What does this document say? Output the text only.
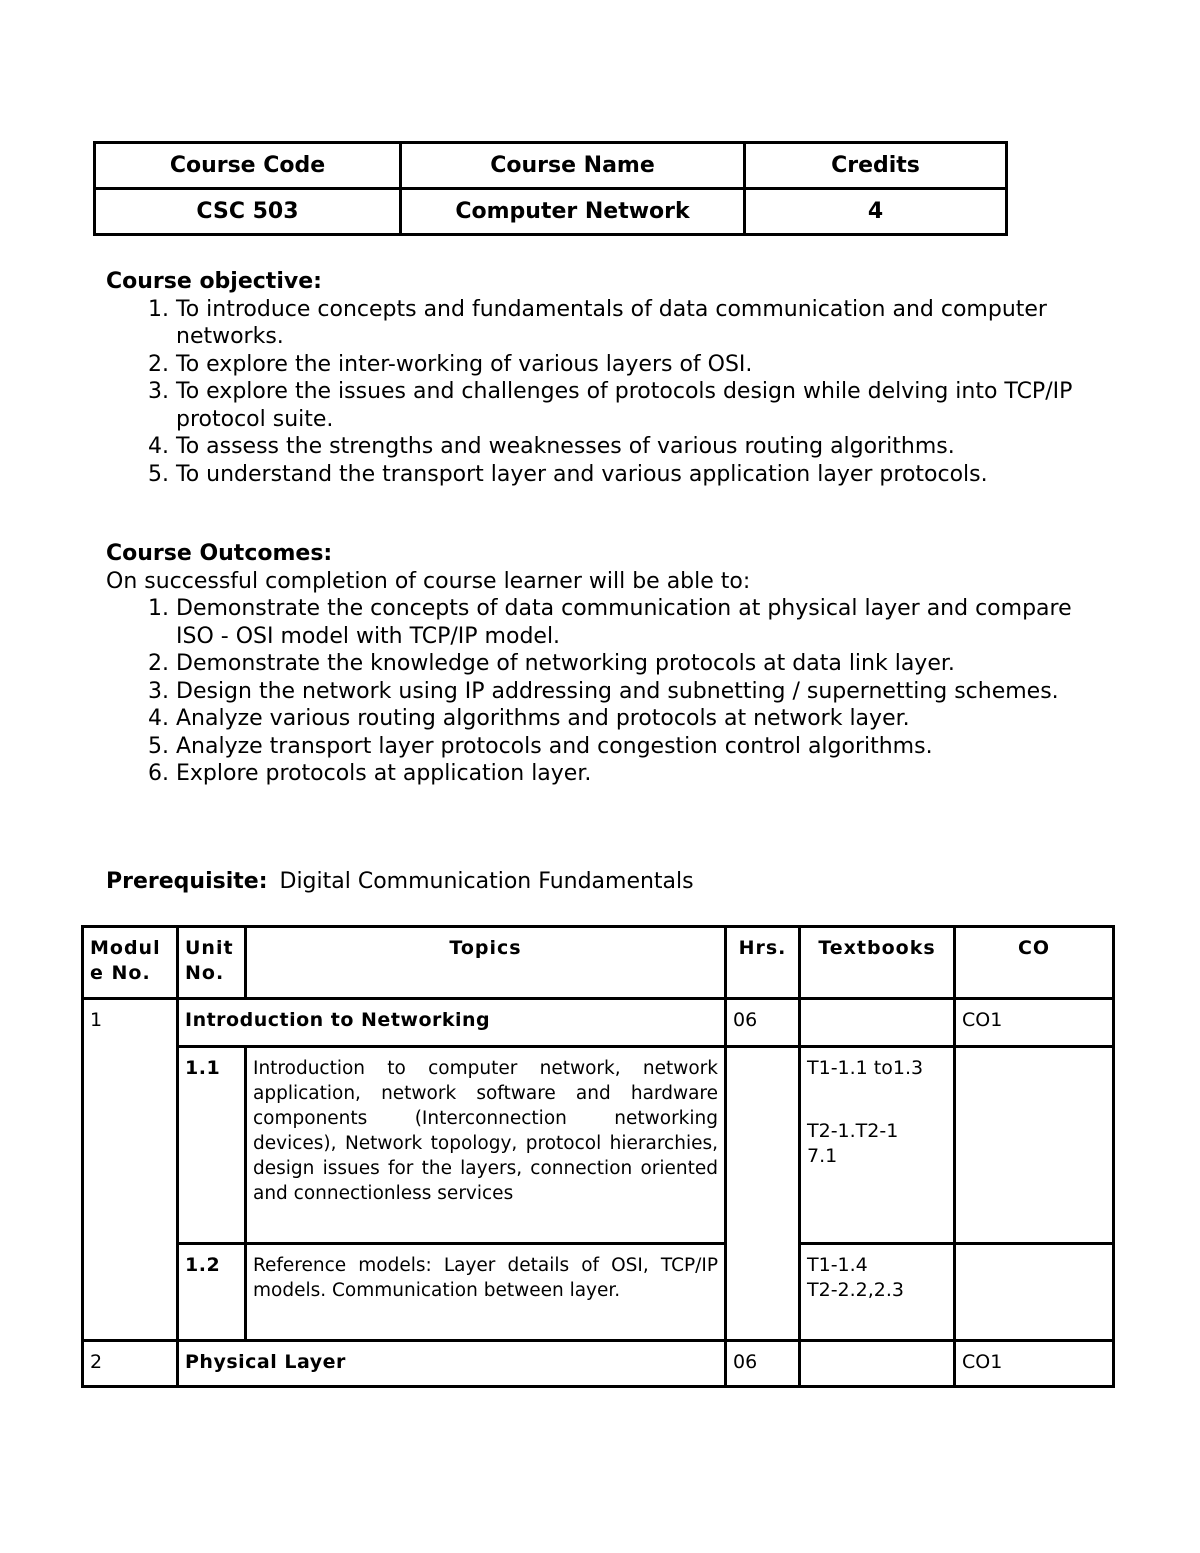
Course Code	Course Name	Credits
CSC 503	Computer Network	4
Course objective:
1. To introduce concepts and fundamentals of data communication and computer networks.
2. To explore the inter-working of various layers of OSI.
3. To explore the issues and challenges of protocols design while delving into TCP/IP protocol suite.
4. To assess the strengths and weaknesses of various routing algorithms.
5. To understand the transport layer and various application layer protocols.
Course Outcomes:

On successful completion of course learner will be able to:

1. Demonstrate the concepts of data communication at physical layer and compare ISO - OSI model with TCP/IP model.
2. Demonstrate the knowledge of networking protocols at data link layer.
3. Design the network using IP addressing and subnetting / supernetting schemes.
4. Analyze various routing algorithms and protocols at network layer.
5. Analyze transport layer protocols and congestion control algorithms.
6. Explore protocols at application layer.
Prerequisite: Digital Communication Fundamentals
Modul e No.	Unit No.	Topics	Hrs.	Textbooks	CO
1	Introduction to Networking		06		CO1
	1.1	Introduction to computer network, network application, network software and hardware components (Interconnection networking devices), Network topology, protocol hierarchies, design issues for the layers, connection oriented and connectionless services		T1-1.1 to1.3
T2-1.T2-17.1	

	1.2	Reference models: Layer details of OSI, TCP/IP models. Communication between layer.		T1-1.4
T2-2.2,2.3	

2	Physical Layer		06		CO1
